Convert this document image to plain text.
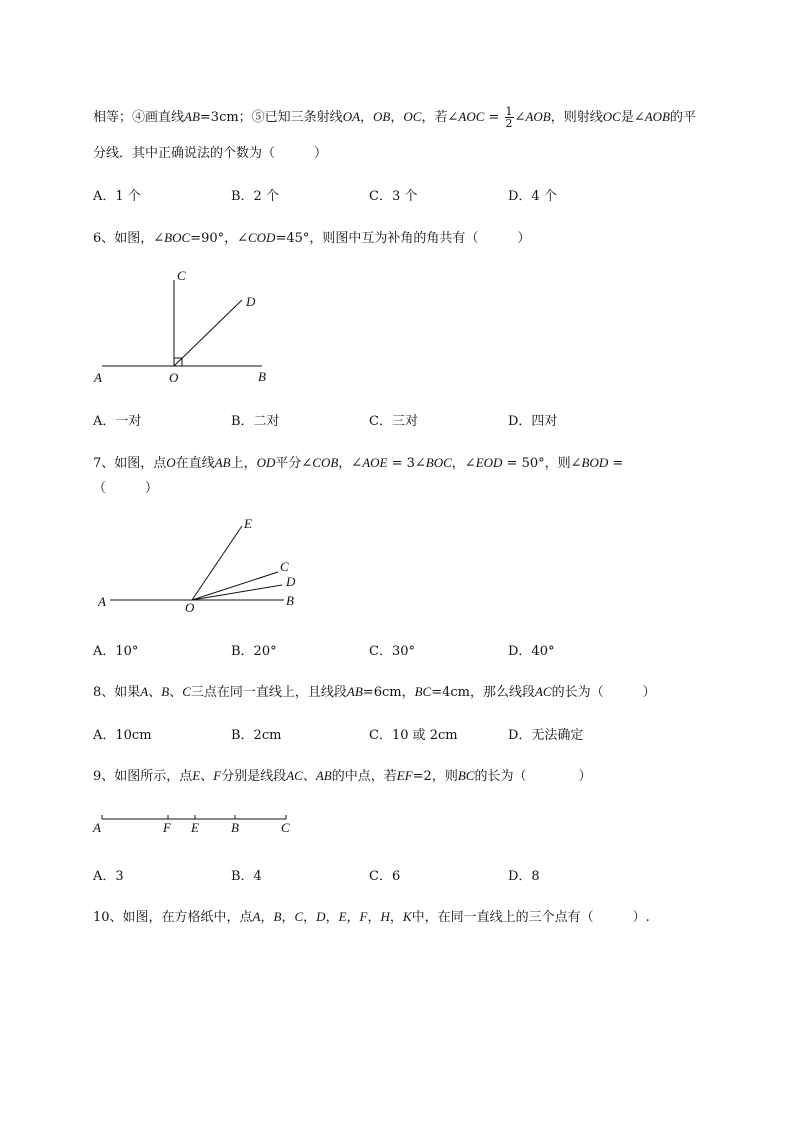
相等；④画直线AB=3cm；⑤已知三条射线OA，OB，OC，若∠AOC = $\frac{1}{2}$ ∠AOB，则射线OC是∠AOB的平
分线．其中正确说法的个数为（　　　）
A．1 个	B．2 个	C．3 个	D．4 个
6、如图，∠BOC=90°，∠COD=45°，则图中互为补角的角共有（　　　）
A	O	B
C
D
A．一对	B．二对	C．三对	D．四对
7、如图，点O在直线AB上，OD平分∠COB，∠AOE = 3∠BOC，∠EOD = 50°，则∠BOD =
（　　　）
A	O	B
C
D
E
A．10°	B．20°	C．30°	D．40°
8、如果A、B、C三点在同一直线上，且线段AB=6cm，BC=4cm，那么线段AC的长为（　　　）
A．10cm	B．2cm	C．10 或 2cm	D．无法确定
9、如图所示，点E、F分别是线段AC、AB的中点，若EF=2，则BC的长为（　　　　）
A	F E B	C
A．3	B．4	C．6	D．8
10、如图，在方格纸中，点A，B，C，D，E，F，H，K中，在同一直线上的三个点有（　　　）.
